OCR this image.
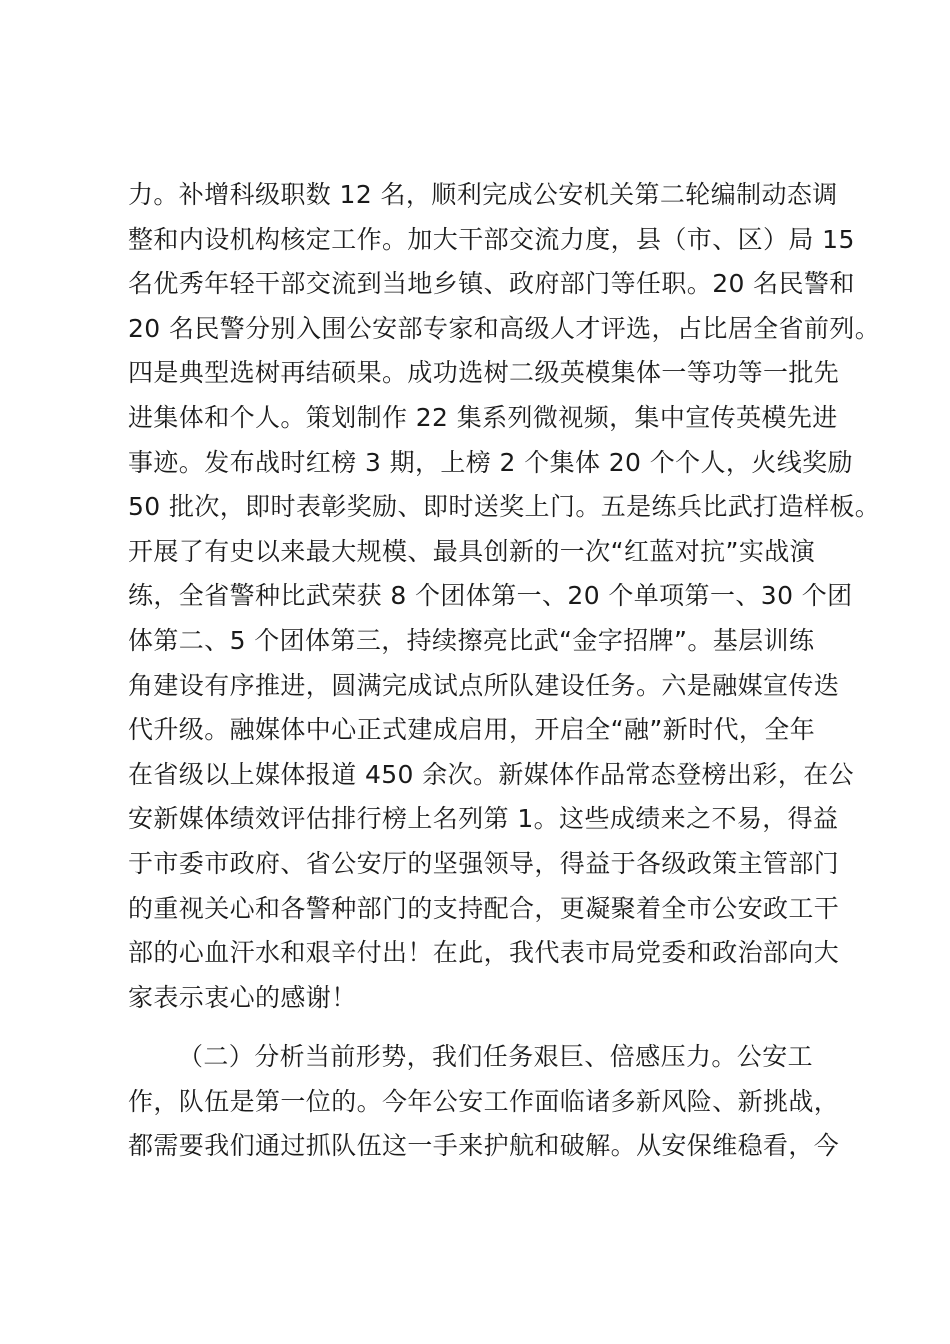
力。补增科级职数 12 名，顺利完成公安机关第二轮编制动态调
整和内设机构核定工作。加大干部交流力度，县（市、区）局 15
名优秀年轻干部交流到当地乡镇、政府部门等任职。20 名民警和
20 名民警分别入围公安部专家和高级人才评选，占比居全省前列。
四是典型选树再结硕果。成功选树二级英模集体一等功等一批先
进集体和个人。策划制作 22 集系列微视频，集中宣传英模先进
事迹。发布战时红榜 3 期，上榜 2 个集体 20 个个人，火线奖励
50 批次，即时表彰奖励、即时送奖上门。五是练兵比武打造样板。
开展了有史以来最大规模、最具创新的一次“红蓝对抗”实战演
练，全省警种比武荣获 8 个团体第一、20 个单项第一、30 个团
体第二、5 个团体第三，持续擦亮比武“金字招牌”。基层训练
角建设有序推进，圆满完成试点所队建设任务。六是融媒宣传迭
代升级。融媒体中心正式建成启用，开启全“融”新时代，全年
在省级以上媒体报道 450 余次。新媒体作品常态登榜出彩，在公
安新媒体绩效评估排行榜上名列第 1。这些成绩来之不易，得益
于市委市政府、省公安厅的坚强领导，得益于各级政策主管部门
的重视关心和各警种部门的支持配合，更凝聚着全市公安政工干
部的心血汗水和艰辛付出！在此，我代表市局党委和政治部向大
家表示衷心的感谢！
（二）分析当前形势，我们任务艰巨、倍感压力。公安工
作，队伍是第一位的。今年公安工作面临诸多新风险、新挑战，
都需要我们通过抓队伍这一手来护航和破解。从安保维稳看，今
